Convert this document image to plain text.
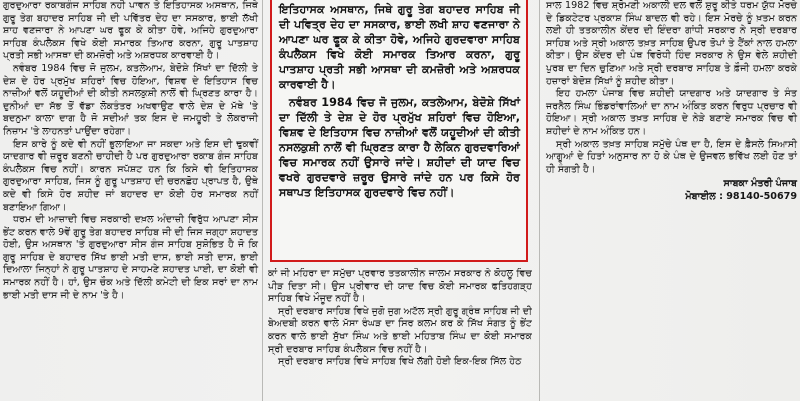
ਗੁਰਦੁਆਰਾ ਰਕਾਬਗੰਜ ਸਾਹਿਬ ਨਹੀ ਪਾਵਨ ਤੇ ਇਤਿਹਾਸਕ ਅਸਥਾਨ, ਜਿਥੇ ਗੁਰੂ ਤੇਗ ਬਹਾਦਰ ਸਾਹਿਬ ਜੀ ਦੀ ਪਵਿੱਤਰ ਦੇਹ ਦਾ ਸਸਕਾਰ, ਭਾਈ ਲੱਖੀ ਸ਼ਾਹ ਵਣਜਾਰਾ ਨੇ ਆਪਣਾ ਘਰ ਫੂਕ ਕੇ ਕੀਤਾ ਹੋਵੇ, ਅਜਿਹੇ ਗੁਰਦੁਆਰਾ ਸਾਹਿਬ ਕੰਪਲੈਕਸ ਵਿਖੇ ਕੋਈ ਸਮਾਰਕ ਤਿਆਰ ਕਰਨਾ, ਗੁਰੂ ਪਾਤਸ਼ਾਹ ਪ੍ਰਤੀ ਸਭੀ ਆਸਥਾ ਦੀ ਕਮਜ਼ੋਰੀ ਅਤੇ ਅਸ਼ਰਧਕ ਕਾਰਵਾਈ ਹੈ।

ਨਵੰਬਰ 1984 ਵਿਚ ਜੋ ਜੁਲਮ, ਕਤਲੇਆਮ, ਬੇਦੋਸ਼ੇ ਸਿੱਖਾਂ ਦਾ ਦਿੱਲੀ ਤੇ ਦੇਸ਼ ਦੇ ਹੋਰ ਪ੍ਰਮੁੱਖ ਸ਼ਹਿਰਾਂ ਵਿਚ ਹੋਇਆ, ਵਿਸ਼ਵ ਦੇ ਇਤਿਹਾਸ ਵਿਚ ਨਾਜ਼ੀਆਂ ਵਲੋਂ ਯਹੂਦੀਆਂ ਦੀ ਕੀਤੀ ਨਸਲਕੁਸ਼ੀ ਨਾਲੋਂ ਵੀ ਘ੍ਰਿਣਤ ਕਾਰਾ ਹੈ। ਦੁਨੀਆਂ ਦਾ ਸੱਭ ਤੋਂ ਵੱਡਾ ਲੋਕਤੰਤਰ ਅਖਵਾਉਣ ਵਾਲੇ ਦੇਸ਼ ਦੇ ਮੱਥੇ 'ਤੇ ਬਦਨੁਮਾ ਕਾਲਾ ਦਾਗ ਹੈ ਜੋ ਸਦੀਆਂ ਤਕ ਇਸ ਦੇ ਜਮਹੂਰੀ ਤੇ ਲੋਕਰਾਜੀ ਨਿਜ਼ਾਮ 'ਤੇ ਲਾਹਨਤਾਂ ਪਾਉਂਦਾ ਰਹੇਗਾ।

ਇਸ ਕਾਰੇ ਨੂੰ ਕਦੇ ਵੀ ਨਹੀਂ ਭੁਲਾਇਆ ਜਾ ਸਕਦਾ ਅਤੇ ਇਸ ਦੀ ਢੁਕਵੀਂ ਯਾਦਗਾਰ ਵੀ ਜ਼ਰੂਰ ਬਣਨੀ ਚਾਹੀਦੀ ਹੈ ਪਰ ਗੁਰਦੁਆਰਾ ਰਕਾਬ ਗੰਜ ਸਾਹਿਬ ਕੰਪਲੈਕਸ ਵਿਚ ਨਹੀਂ। ਕਾਰਨ ਸਪੱਸ਼ਟ ਹਨ ਕਿ ਕਿਸੇ ਵੀ ਇਤਿਹਾਸਕ ਗੁਰਦੁਆਰਾ ਸਾਹਿਬ, ਜਿਸ ਨੂੰ ਗੁਰੂ ਪਾਤਸ਼ਾਹ ਦੀ ਚਰਨਛੋਹ ਪ੍ਰਾਪਤ ਹੈ, ਉਥੇ ਕਦੇ ਵੀ ਕਿਸੇ ਹੋਰ ਸ਼ਹੀਦ ਜਾਂ ਬਹਾਦਰ ਦਾ ਕੋਈ ਹੋਰ ਸਮਾਰਕ ਨਹੀਂ ਬਣਾਇਆ ਗਿਆ।

ਧਰਮ ਦੀ ਆਜ਼ਾਦੀ ਵਿਚ ਸਰਕਾਰੀ ਦਖ਼ਲ ਅੰਦਾਜ਼ੀ ਵਿਰੁੱਧ ਆਪਣਾ ਸੀਸ ਭੇਂਟ ਕਰਨ ਵਾਲੇ 9ਵੇਂ ਗੁਰੂ ਤੇਗ ਬਹਾਦਰ ਸਾਹਿਬ ਜੀ ਦੀ ਜਿਸ ਜਗ੍ਹਾ ਸ਼ਹਾਦਤ ਹੋਈ, ਉਸ ਅਸਥਾਨ 'ਤੇ ਗੁਰਦੁਆਰਾ ਸੀਸ ਗੰਜ ਸਾਹਿਬ ਸੁਸ਼ੋਭਿਤ ਹੈ ਜੋ ਕਿ ਗੁਰੂ ਸਾਹਿਬ ਦੇ ਬਹਾਦਰ ਸਿੱਖ ਭਾਈ ਮਤੀ ਦਾਸ, ਭਾਈ ਸਤੀ ਦਾਸ, ਭਾਈ ਦਿਆਲਾ ਜਿਨ੍ਹਾਂ ਨੇ ਗੁਰੂ ਪਾਤਸ਼ਾਹ ਦੇ ਸਾਹਮਣੇ ਸ਼ਹਾਦਤ ਪਾਈ, ਦਾ ਕੋਈ ਵੀ ਸਮਾਰਕ ਨਹੀਂ ਹੈ। ਹਾਂ, ਉਸ ਚੌਕ ਅਤੇ ਦਿੱਲੀ ਕਮੇਟੀ ਦੀ ਇਕ ਸਰਾਂ ਦਾ ਨਾਮ ਭਾਈ ਮਤੀ ਦਾਸ ਜੀ ਦੇ ਨਾਮ 'ਤੇ ਹੈ।

ਇਤਿਹਾਸਕ ਅਸਥਾਨ, ਜਿਥੇ ਗੁਰੂ ਤੇਗ ਬਹਾਦਰ ਸਾਹਿਬ ਜੀ ਦੀ ਪਵਿਤ੍ਰ ਦੇਹ ਦਾ ਸਸਕਾਰ, ਭਾਈ ਲਖੀ ਸ਼ਾਹ ਵਣਜਾਰਾ ਨੇ ਆਪਣਾ ਘਰ ਫੂਕ ਕੇ ਕੀਤਾ ਹੋਵੇ, ਅਜਿਹੇ ਗੁਰਦਵਾਰਾ ਸਾਹਿਬ ਕੰਪਲੈਕਸ ਵਿਖੇ ਕੋਈ ਸਮਾਰਕ ਤਿਆਰ ਕਰਨਾ, ਗੁਰੂ ਪਾਤਸ਼ਾਹ ਪ੍ਰਤੀ ਸਭੀ ਆਸਥਾ ਦੀ ਕਮਜ਼ੋਰੀ ਅਤੇ ਅਸ਼ਰਧਕ ਕਾਰਵਾਈ ਹੈ।

ਨਵੰਬਰ 1984 ਵਿਚ ਜੋ ਜੁਲਮ, ਕਤਲੇਆਮ, ਬੇਦੋਸ਼ੇ ਸਿੱਖਾਂ ਦਾ ਦਿੱਲੀ ਤੇ ਦੇਸ਼ ਦੇ ਹੋਰ ਪ੍ਰਮੁੱਖ ਸ਼ਹਿਰਾਂ ਵਿਚ ਹੋਇਆ, ਵਿਸ਼ਵ ਦੇ ਇਤਿਹਾਸ ਵਿਚ ਨਾਜ਼ੀਆਂ ਵਲੋਂ ਯਹੂਦੀਆਂ ਦੀ ਕੀਤੀ ਨਸਲਕੁਸ਼ੀ ਨਾਲੋਂ ਵੀ ਘ੍ਰਿਣਤ ਕਾਰਾ ਹੈ ਲੇਕਿਨ ਗੁਰਦਵਾਰਿਆਂ ਵਿਚ ਸਮਾਰਕ ਨਹੀਂ ਉਸਾਰੇ ਜਾਂਦੇ। ਸ਼ਹੀਦਾਂ ਦੀ ਯਾਦ ਵਿਚ ਵਖਰੇ ਗੁਰਦਵਾਰੇ ਜ਼ਰੂਰ ਉਸਾਰੇ ਜਾਂਦੇ ਹਨ ਪਰ ਕਿਸੇ ਹੋਰ ਸਥਾਪਤ ਇਤਿਹਾਸਕ ਗੁਰਦਵਾਰੇ ਵਿਚ ਨਹੀਂ।

ਕਾਂ ਜੀ ਮਹਿਰਾ ਦਾ ਸਮੁੱਚਾ ਪ੍ਰਵਾਰ ਤਤਕਾਲੀਨ ਜਾਲਮ ਸਰਕਾਰ ਨੇ ਕੋਹਲੂ ਵਿਚ ਪੀੜ ਦਿਤਾ ਸੀ। ਉਸ ਪ੍ਰੀਵਾਰ ਦੀ ਯਾਦ ਵਿਚ ਕੋਈ ਸਮਾਰਕ ਫਤਿਹਗੜ੍ਹ ਸਾਹਿਬ ਵਿਖੇ ਮੌਜੂਦ ਨਹੀਂ ਹੈ।

ਸ੍ਰੀ ਦਰਬਾਰ ਸਾਹਿਬ ਵਿਖੇ ਜੁਗੋ ਜੁਗ ਅਟੱਲ ਸ੍ਰੀ ਗੁਰੂ ਗ੍ਰੰਥ ਸਾਹਿਬ ਜੀ ਦੀ ਬੇਅਦਬੀ ਕਰਨ ਵਾਲੇ ਮੱਸਾ ਰੰਘੜ ਦਾ ਸਿਰ ਕਲਮ ਕਰ ਕੇ ਸਿੱਖ ਸੰਗਤ ਨੂੰ ਭੇਂਟ ਕਰਨ ਵਾਲੇ ਭਾਈ ਸੁੱਖਾ ਸਿੰਘ ਅਤੇ ਭਾਈ ਮਹਿਤਾਬ ਸਿੰਘ ਦਾ ਕੋਈ ਸਮਾਰਕ ਸ੍ਰੀ ਦਰਬਾਰ ਸਾਹਿਬ ਕੰਪਲੈਕਸ ਵਿਚ ਨਹੀਂ ਹੈ।

ਸ੍ਰੀ ਦਰਬਾਰ ਸਾਹਿਬ ਵਿਖੇ ਸਾਹਿਬ ਵਿਖੇ ਲੱਗੀ ਹੋਈ ਇਕ-ਇਕ ਸਿੱਲ ਹੇਠ

ਸਾਲ 1982 ਵਿਚ ਸ਼੍ਰੋਮਣੀ ਅਕਾਲੀ ਦਲ ਵਲੋਂ ਸ਼ੁਰੂ ਕੀਤੇ ਧਰਮ ਯੁੱਧ ਮੋਰਚੇ ਦੇ ਡਿਕਟੇਟਰ ਪ੍ਰਕਾਸ਼ ਸਿੰਘ ਬਾਦਲ ਵੀ ਰਹੇ। ਇਸ ਮੋਰਚੇ ਨੂੰ ਖ਼ਤਮ ਕਰਨ ਲਈ ਹੀ ਤਤਕਾਲੀਨ ਕੇਂਦਰ ਦੀ ਇੰਦਰਾ ਗਾਂਧੀ ਸਰਕਾਰ ਨੇ ਸ੍ਰੀ ਦਰਬਾਰ ਸਾਹਿਬ ਅਤੇ ਸ੍ਰੀ ਅਕਾਲ ਤਖ਼ਤ ਸਾਹਿਬ ਉਪਰ ਤੋਪਾਂ ਤੇ ਟੈਂਕਾਂ ਨਾਲ ਹਮਲਾ ਕੀਤਾ। ਉਸ ਕੇਂਦਰ ਦੀ ਪੰਥ ਵਿਰੋਧੀ ਹਿੰਦ ਸਰਕਾਰ ਨੇ ਉਸ ਵੇਲੇ ਸ਼ਹੀਦੀ ਪੁਰਬ ਦਾ ਦਿਨ ਚੁਣਿਆ ਅਤੇ ਸ੍ਰੀ ਦਰਬਾਰ ਸਾਹਿਬ ਤੇ ਫ਼ੌਜੀ ਹਮਲਾ ਕਰਕੇ ਹਜ਼ਾਰਾਂ ਬੇਦੋਸ਼ ਸਿੱਖਾਂ ਨੂੰ ਸ਼ਹੀਦ ਕੀਤਾ।

ਇਹ ਹਮਲਾ ਪੰਜਾਬ ਵਿਚ ਸ਼ਹੀਦੀ ਯਾਦਗਾਰ ਅਤੇ ਯਾਦਗਾਰ ਤੇ ਸੰਤ ਜਰਨੈਲ ਸਿੰਘ ਭਿੰਡਰਾਂਵਾਲਿਆਂ ਦਾ ਨਾਮ ਅੰਕਿਤ ਕਰਨ ਵਿਰੁਧ ਪ੍ਰਚਾਰ ਵੀ ਹੋਇਆ। ਸ੍ਰੀ ਅਕਾਲ ਤਖ਼ਤ ਸਾਹਿਬ ਦੇ ਨੇੜੇ ਬਣਾਏ ਸਮਾਰਕ ਵਿਚ ਵੀ ਸ਼ਹੀਦਾਂ ਦੇ ਨਾਮ ਅੰਕਿਤ ਹਨ।

ਸ੍ਰੀ ਅਕਾਲ ਤਖ਼ਤ ਸਾਹਿਬ ਸਮੁੱਚੇ ਪੰਥ ਦਾ ਹੈ, ਇਸ ਦੇ ਫ਼ੈਸਲੇ ਸਿਆਸੀ ਆਗੂਆਂ ਦੇ ਹਿਤਾਂ ਅਨੁਸਾਰ ਨਾ ਹੋ ਕੇ ਪੰਥ ਦੇ ਉਜਵਲ ਭਵਿੱਖ ਲਈ ਹੋਣ ਤਾਂ ਹੀ ਸੰਗਤੀ ਹੈ।

ਸਾਬਕਾ ਮੰਤਰੀ ਪੰਜਾਬ
ਮੋਬਾਈਲ : 98140-50679
